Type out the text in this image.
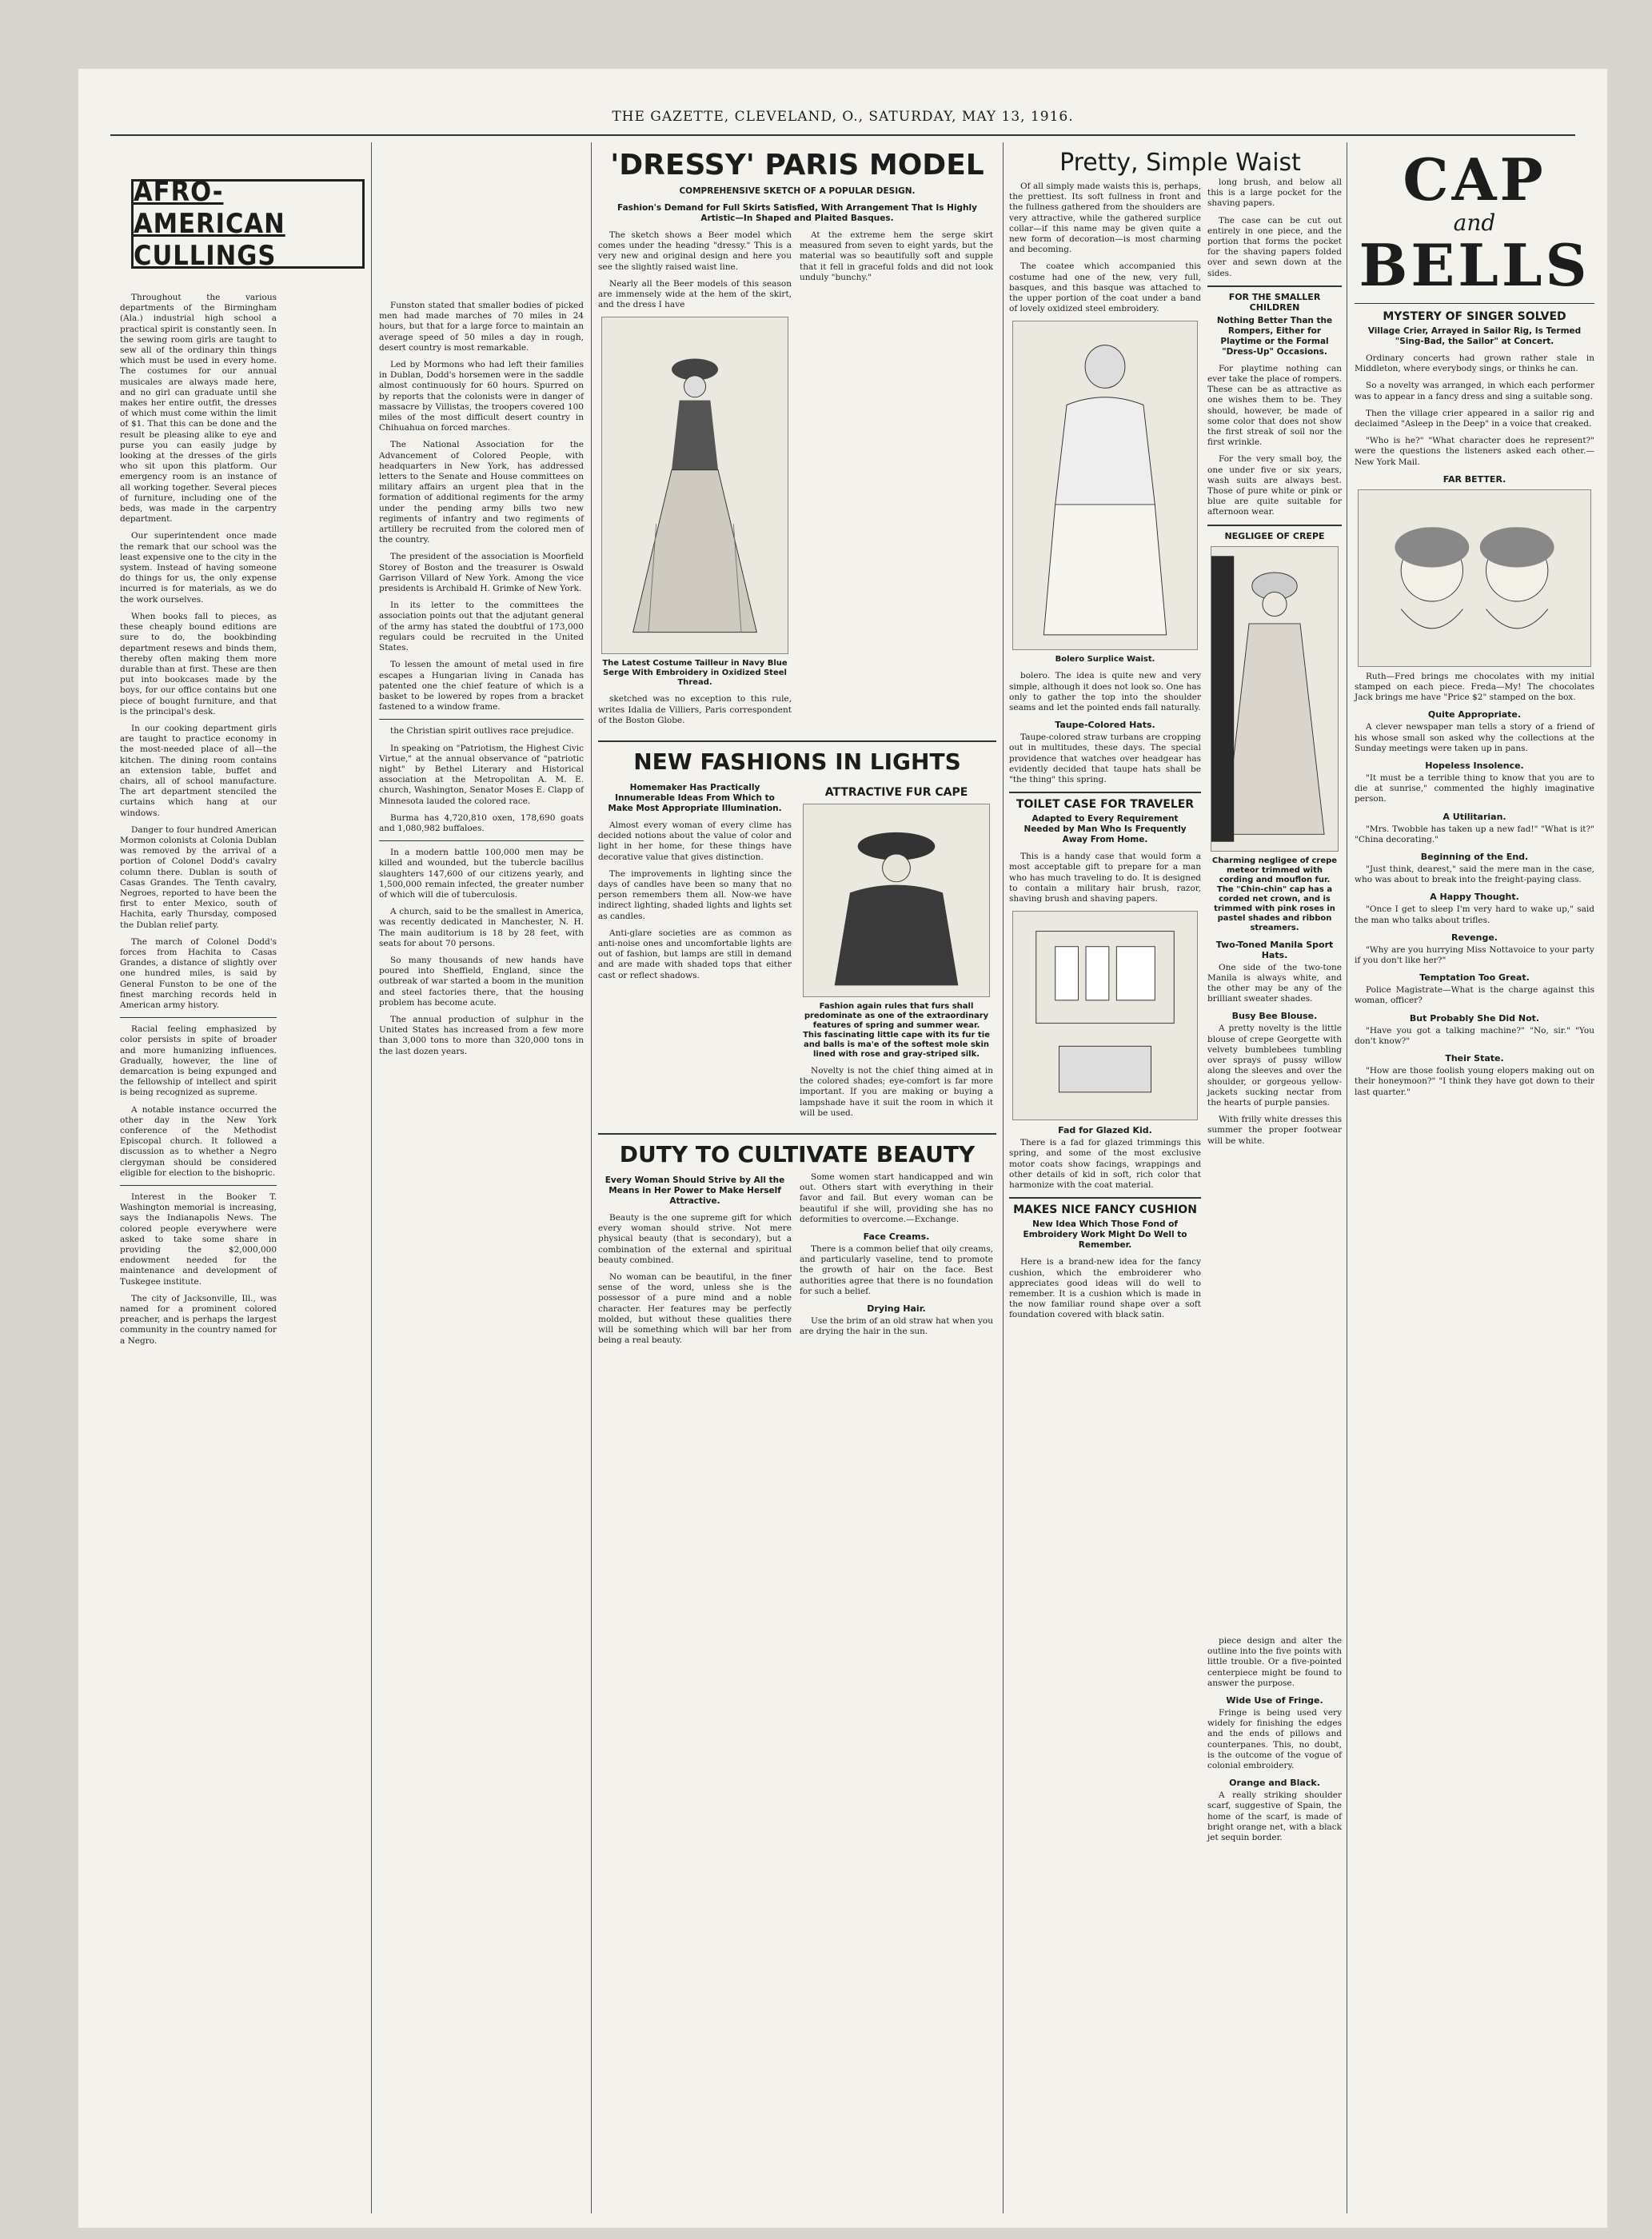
THE GAZETTE, CLEVELAND, O., SATURDAY, MAY 13, 1916.
AFRO-AMERICAN CULLINGS

Throughout the various departments of the Birmingham (Ala.) industrial high school a practical spirit is constantly seen. In the sewing room girls are taught to sew all of the ordinary thin things which must be used in every home. The costumes for our annual musicales are always made here, and no girl can graduate until she makes her entire outfit, the dresses of which must come within the limit of $1. That this can be done and the result be pleasing alike to eye and purse you can easily judge by looking at the dresses of the girls who sit upon this platform. Our emergency room is an instance of all working together. Several pieces of furniture, including one of the beds, was made in the carpentry department.

Our superintendent once made the remark that our school was the least expensive one to the city in the system. Instead of having someone do things for us, the only expense incurred is for materials, as we do the work ourselves.

When books fall to pieces, as these cheaply bound editions are sure to do, the bookbinding department resews and binds them, thereby often making them more durable than at first. These are then put into bookcases made by the boys, for our office contains but one piece of bought furniture, and that is the principal's desk.

In our cooking department girls are taught to practice economy in the most-needed place of all—the kitchen. The dining room contains an extension table, buffet and chairs, all of school manufacture. The art department stenciled the curtains which hang at our windows.

Danger to four hundred American Mormon colonists at Colonia Dublan was removed by the arrival of a portion of Colonel Dodd's cavalry column there. Dublan is south of Casas Grandes. The Tenth cavalry, Negroes, reported to have been the first to enter Mexico, south of Hachita, early Thursday, composed the Dublan relief party.

The march of Colonel Dodd's forces from Hachita to Casas Grandes, a distance of slightly over one hundred miles, is said by General Funston to be one of the finest marching records held in American army history.

Racial feeling emphasized by color persists in spite of broader and more humanizing influences. Gradually, however, the line of demarcation is being expunged and the fellowship of intellect and spirit is being recognized as supreme.

A notable instance occurred the other day in the New York conference of the Methodist Episcopal church. It followed a discussion as to whether a Negro clergyman should be considered eligible for election to the bishopric.

Interest in the Booker T. Washington memorial is increasing, says the Indianapolis News. The colored people everywhere were asked to take some share in providing the $2,000,000 endowment needed for the maintenance and development of Tuskegee institute.

The city of Jacksonville, Ill., was named for a prominent colored preacher, and is perhaps the largest community in the country named for a Negro.

Funston stated that smaller bodies of picked men had made marches of 70 miles in 24 hours, but that for a large force to maintain an average speed of 50 miles a day in rough, desert country is most remarkable.

Led by Mormons who had left their families in Dublan, Dodd's horsemen were in the saddle almost continuously for 60 hours. Spurred on by reports that the colonists were in danger of massacre by Villistas, the troopers covered 100 miles of the most difficult desert country in Chihuahua on forced marches.

The National Association for the Advancement of Colored People, with headquarters in New York, has addressed letters to the Senate and House committees on military affairs an urgent plea that in the formation of additional regiments for the army under the pending army bills two new regiments of infantry and two regiments of artillery be recruited from the colored men of the country.

The president of the association is Moorfield Storey of Boston and the treasurer is Oswald Garrison Villard of New York. Among the vice presidents is Archibald H. Grimke of New York.

In its letter to the committees the association points out that the adjutant general of the army has stated the doubtful of 173,000 regulars could be recruited in the United States.

To lessen the amount of metal used in fire escapes a Hungarian living in Canada has patented one the chief feature of which is a basket to be lowered by ropes from a bracket fastened to a window frame.

the Christian spirit outlives race prejudice.

In speaking on "Patriotism, the Highest Civic Virtue," at the annual observance of "patriotic night" by Bethel Literary and Historical association at the Metropolitan A. M. E. church, Washington, Senator Moses E. Clapp of Minnesota lauded the colored race.

Burma has 4,720,810 oxen, 178,690 goats and 1,080,982 buffaloes.

In a modern battle 100,000 men may be killed and wounded, but the tubercle bacillus slaughters 147,600 of our citizens yearly, and 1,500,000 remain infected, the greater number of which will die of tuberculosis.

A church, said to be the smallest in America, was recently dedicated in Manchester, N. H. The main auditorium is 18 by 28 feet, with seats for about 70 persons.

So many thousands of new hands have poured into Sheffield, England, since the outbreak of war started a boom in the munition and steel factories there, that the housing problem has become acute.

The annual production of sulphur in the United States has increased from a few more than 3,000 tons to more than 320,000 tons in the last dozen years.

'DRESSY' PARIS MODEL
COMPREHENSIVE SKETCH OF A POPULAR DESIGN.
Fashion's Demand for Full Skirts Satisfied, With Arrangement That Is Highly Artistic—In Shaped and Plaited Basques.

The sketch shows a Beer model which comes under the heading "dressy." This is a very new and original design and here you see the slightly raised waist line.

Nearly all the Beer models of this season are immensely wide at the hem of the skirt, and the dress I have

The Latest Costume Tailleur in Navy Blue Serge With Embroidery in Oxidized Steel Thread.

sketched was no exception to this rule, writes Idalia de Villiers, Paris correspondent of the Boston Globe.

At the extreme hem the serge skirt measured from seven to eight yards, but the material was so beautifully soft and supple that it fell in graceful folds and did not look unduly "bunchy."

NEW FASHIONS IN LIGHTS
Homemaker Has Practically Innumerable Ideas From Which to Make Most Appropriate Illumination.

Almost every woman of every clime has decided notions about the value of color and light in her home, for these things have decorative value that gives distinction.

The improvements in lighting since the days of candles have been so many that no person remembers them all. Now-we have indirect lighting, shaded lights and lights set as candles.

Anti-glare societies are as common as anti-noise ones and uncomfortable lights are out of fashion, but lamps are still in demand and are made with shaded tops that either cast or reflect shadows.

ATTRACTIVE FUR CAPE
Fashion again rules that furs shall predominate as one of the extraordinary features of spring and summer wear. This fascinating little cape with its fur tie and balls is ma'e of the softest mole skin lined with rose and gray-striped silk.

Novelty is not the chief thing aimed at in the colored shades; eye-comfort is far more important. If you are making or buying a lampshade have it suit the room in which it will be used.

DUTY TO CULTIVATE BEAUTY
Every Woman Should Strive by All the Means in Her Power to Make Herself Attractive.

Beauty is the one supreme gift for which every woman should strive. Not mere physical beauty (that is secondary), but a combination of the external and spiritual beauty combined.

No woman can be beautiful, in the finer sense of the word, unless she is the possessor of a pure mind and a noble character. Her features may be perfectly molded, but without these qualities there will be something which will bar her from being a real beauty.

Some women start handicapped and win out. Others start with everything in their favor and fail. But every woman can be beautiful if she will, providing she has no deformities to overcome.—Exchange.

Face Creams.

There is a common belief that oily creams, and particularly vaseline, tend to promote the growth of hair on the face. Best authorities agree that there is no foundation for such a belief.

Drying Hair.

Use the brim of an old straw hat when you are drying the hair in the sun.

Pretty, Simple Waist

Of all simply made waists this is, perhaps, the prettiest. Its soft fullness in front and the fullness gathered from the shoulders are very attractive, while the gathered surplice collar—if this name may be given quite a new form of decoration—is most charming and becoming.

The coatee which accompanied this costume had one of the new, very full, basques, and this basque was attached to the upper portion of the coat under a band of lovely oxidized steel embroidery.

Bolero Surplice Waist.

bolero. The idea is quite new and very simple, although it does not look so. One has only to gather the top into the shoulder seams and let the pointed ends fall naturally.

Taupe-Colored Hats.

Taupe-colored straw turbans are cropping out in multitudes, these days. The special providence that watches over headgear has evidently decided that taupe hats shall be "the thing" this spring.

TOILET CASE FOR TRAVELER
Adapted to Every Requirement Needed by Man Who Is Frequently Away From Home.

This is a handy case that would form a most acceptable gift to prepare for a man who has much traveling to do. It is designed to contain a military hair brush, razor, shaving brush and shaving papers.

Fad for Glazed Kid.

There is a fad for glazed trimmings this spring, and some of the most exclusive motor coats show facings, wrappings and other details of kid in soft, rich color that harmonize with the coat material.

MAKES NICE FANCY CUSHION
New Idea Which Those Fond of Embroidery Work Might Do Well to Remember.

Here is a brand-new idea for the fancy cushion, which the embroiderer who appreciates good ideas will do well to remember. It is a cushion which is made in the now familiar round shape over a soft foundation covered with black satin.

long brush, and below all this is a large pocket for the shaving papers.

The case can be cut out entirely in one piece, and the portion that forms the pocket for the shaving papers folded over and sewn down at the sides.

FOR THE SMALLER CHILDREN
Nothing Better Than the Rompers, Either for Playtime or the Formal "Dress-Up" Occasions.

For playtime nothing can ever take the place of rompers. These can be as attractive as one wishes them to be. They should, however, be made of some color that does not show the first streak of soil nor the first wrinkle.

For the very small boy, the one under five or six years, wash suits are always best. Those of pure white or pink or blue are quite suitable for afternoon wear.

NEGLIGEE OF CREPE
Charming negligee of crepe meteor trimmed with cording and mouflon fur. The "Chin-chin" cap has a corded net crown, and is trimmed with pink roses in pastel shades and ribbon streamers.
Two-Toned Manila Sport Hats.

One side of the two-tone Manila is always white, and the other may be any of the brilliant sweater shades.

Busy Bee Blouse.

A pretty novelty is the little blouse of crepe Georgette with velvety bumblebees tumbling over sprays of pussy willow along the sleeves and over the shoulder, or gorgeous yellow-jackets sucking nectar from the hearts of purple pansies.

With frilly white dresses this summer the proper footwear will be white.

CAP
and
BELLS
MYSTERY OF SINGER SOLVED
Village Crier, Arrayed in Sailor Rig, Is Termed "Sing-Bad, the Sailor" at Concert.

Ordinary concerts had grown rather stale in Middleton, where everybody sings, or thinks he can.

So a novelty was arranged, in which each performer was to appear in a fancy dress and sing a suitable song.

Then the village crier appeared in a sailor rig and declaimed "Asleep in the Deep" in a voice that creaked.

"Who is he?" "What character does he represent?" were the questions the listeners asked each other.—New York Mail.

FAR BETTER.

Ruth—Fred brings me chocolates with my initial stamped on each piece. Freda—My! The chocolates Jack brings me have "Price $2" stamped on the box.

Quite Appropriate.

A clever newspaper man tells a story of a friend of his whose small son asked why the collections at the Sunday meetings were taken up in pans.

Hopeless Insolence.

"It must be a terrible thing to know that you are to die at sunrise," commented the highly imaginative person.

A Utilitarian.

"Mrs. Twobble has taken up a new fad!" "What is it?" "China decorating."

Beginning of the End.

"Just think, dearest," said the mere man in the case, who was about to break into the freight-paying class.

A Happy Thought.

"Once I get to sleep I'm very hard to wake up," said the man who talks about trifles.

Revenge.

"Why are you hurrying Miss Nottavoice to your party if you don't like her?"

Temptation Too Great.

Police Magistrate—What is the charge against this woman, officer?

But Probably She Did Not.

"Have you got a talking machine?" "No, sir." "You don't know?"

Their State.

"How are those foolish young elopers making out on their honeymoon?" "I think they have got down to their last quarter."

piece design and alter the outline into the five points with little trouble. Or a five-pointed centerpiece might be found to answer the purpose.

Wide Use of Fringe.

Fringe is being used very widely for finishing the edges and the ends of pillows and counterpanes. This, no doubt, is the outcome of the vogue of colonial embroidery.

Orange and Black.

A really striking shoulder scarf, suggestive of Spain, the home of the scarf, is made of bright orange net, with a black jet sequin border.
